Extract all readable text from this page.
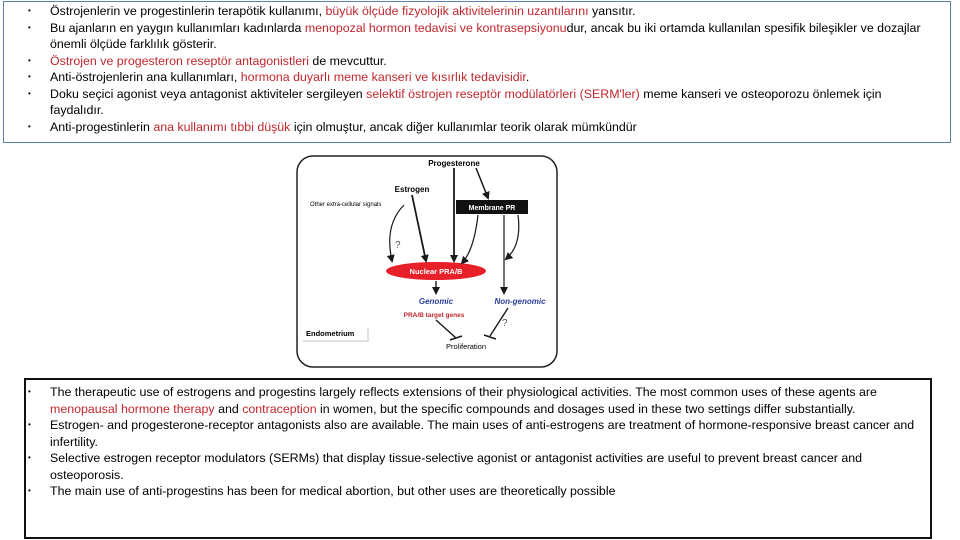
• Östrojenlerin ve progestinlerin terapötik kullanımı, büyük ölçüde fizyolojik aktivitelerinin uzantılarını yansıtır.
• Bu ajanların en yaygın kullanımları kadınlarda menopozal hormon tedavisi ve kontrasepsiyonudur, ancak bu iki ortamda kullanılan spesifik bileşikler ve dozajlar önemli ölçüde farklılık gösterir.
• Östrojen ve progesteron reseptör antagonistleri de mevcuttur.
• Anti-östrojenlerin ana kullanımları, hormona duyarlı meme kanseri ve kısırlık tedavisidir.
• Doku seçici agonist veya antagonist aktiviteler sergileyen selektif östrojen reseptör modülatörleri (SERM'ler) meme kanseri ve osteoporozu önlemek için faydalıdır.
• Anti-progestinlerin ana kullanımı tıbbi düşük için olmuştur, ancak diğer kullanımlar teorik olarak mümkündür
Progesterone
Estrogen
Other extra-cellular signals	Membrane PR
Nuclear PRA/B
?
?
Genomic	Non-genomic
PRA/B target genes
Proliferation
Endometrium
• The therapeutic use of estrogens and progestins largely reflects extensions of their physiological activities. The most common uses of these agents are menopausal hormone therapy and contraception in women, but the specific compounds and dosages used in these two settings differ substantially.
• Estrogen- and progesterone-receptor antagonists also are available. The main uses of anti-estrogens are treatment of hormone-responsive breast cancer and infertility.
• Selective estrogen receptor modulators (SERMs) that display tissue-selective agonist or antagonist activities are useful to prevent breast cancer and osteoporosis.
• The main use of anti-progestins has been for medical abortion, but other uses are theoretically possible
